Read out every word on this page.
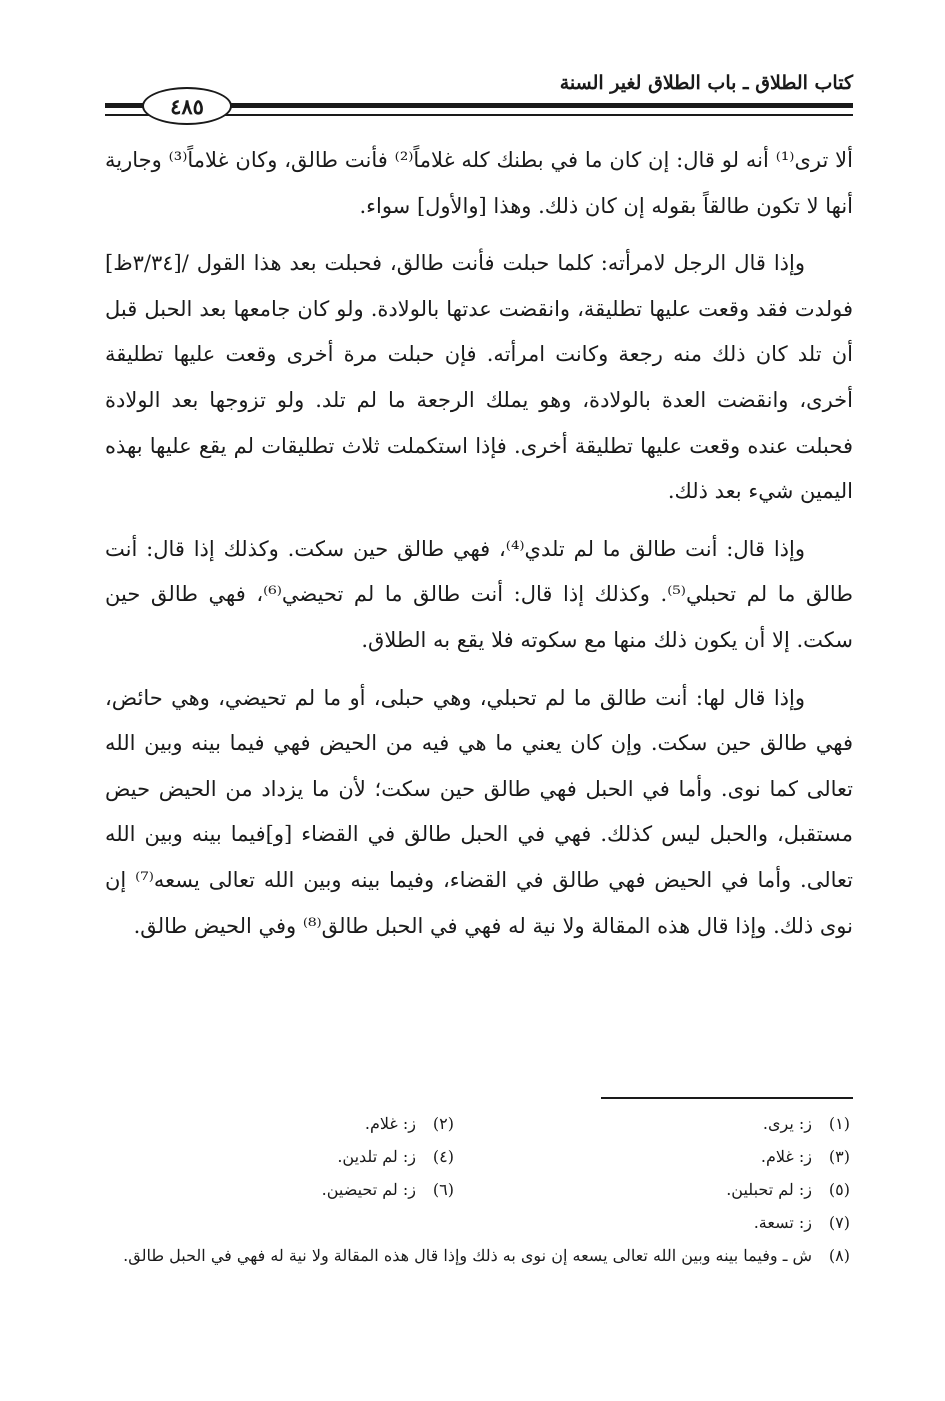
كتاب الطلاق ـ باب الطلاق لغير السنة
٤٨٥

ألا ترى⁽¹⁾ أنه لو قال: إن كان ما في بطنك كله غلاماً⁽²⁾ فأنت طالق، وكان غلاماً⁽³⁾ وجارية أنها لا تكون طالقاً بقوله إن كان ذلك. وهذا [والأول] سواء.

وإذا قال الرجل لامرأته: كلما حبلت فأنت طالق، فحبلت بعد هذا القول /[٣/٣٤ظ] فولدت فقد وقعت عليها تطليقة، وانقضت عدتها بالولادة. ولو كان جامعها بعد الحبل قبل أن تلد كان ذلك منه رجعة وكانت امرأته. فإن حبلت مرة أخرى وقعت عليها تطليقة أخرى، وانقضت العدة بالولادة، وهو يملك الرجعة ما لم تلد. ولو تزوجها بعد الولادة فحبلت عنده وقعت عليها تطليقة أخرى. فإذا استكملت ثلاث تطليقات لم يقع عليها بهذه اليمين شيء بعد ذلك.

وإذا قال: أنت طالق ما لم تلدي⁽⁴⁾، فهي طالق حين سكت. وكذلك إذا قال: أنت طالق ما لم تحبلي⁽⁵⁾. وكذلك إذا قال: أنت طالق ما لم تحيضي⁽⁶⁾، فهي طالق حين سكت. إلا أن يكون ذلك منها مع سكوته فلا يقع به الطلاق.

وإذا قال لها: أنت طالق ما لم تحبلي، وهي حبلى، أو ما لم تحيضي، وهي حائض، فهي طالق حين سكت. وإن كان يعني ما هي فيه من الحيض فهي فيما بينه وبين الله تعالى كما نوى. وأما في الحبل فهي طالق حين سكت؛ لأن ما يزداد من الحيض حيض مستقبل، والحبل ليس كذلك. فهي في الحبل طالق في القضاء [و]فيما بينه وبين الله تعالى. وأما في الحيض فهي طالق في القضاء، وفيما بينه وبين الله تعالى يسعه⁽⁷⁾ إن نوى ذلك. وإذا قال هذه المقالة ولا نية له فهي في الحبل طالق⁽⁸⁾ وفي الحيض طالق.

(١)
ز: يرى.
(٢)
ز: غلام.
(٣)
ز: غلام.
(٤)
ز: لم تلدين.
(٥)
ز: لم تحبلين.
(٦)
ز: لم تحيضين.
(٧)
ز: تسعة.
(٨)
ش ـ وفيما بينه وبين الله تعالى يسعه إن نوى به ذلك وإذا قال هذه المقالة ولا نية له فهي في الحبل طالق.
